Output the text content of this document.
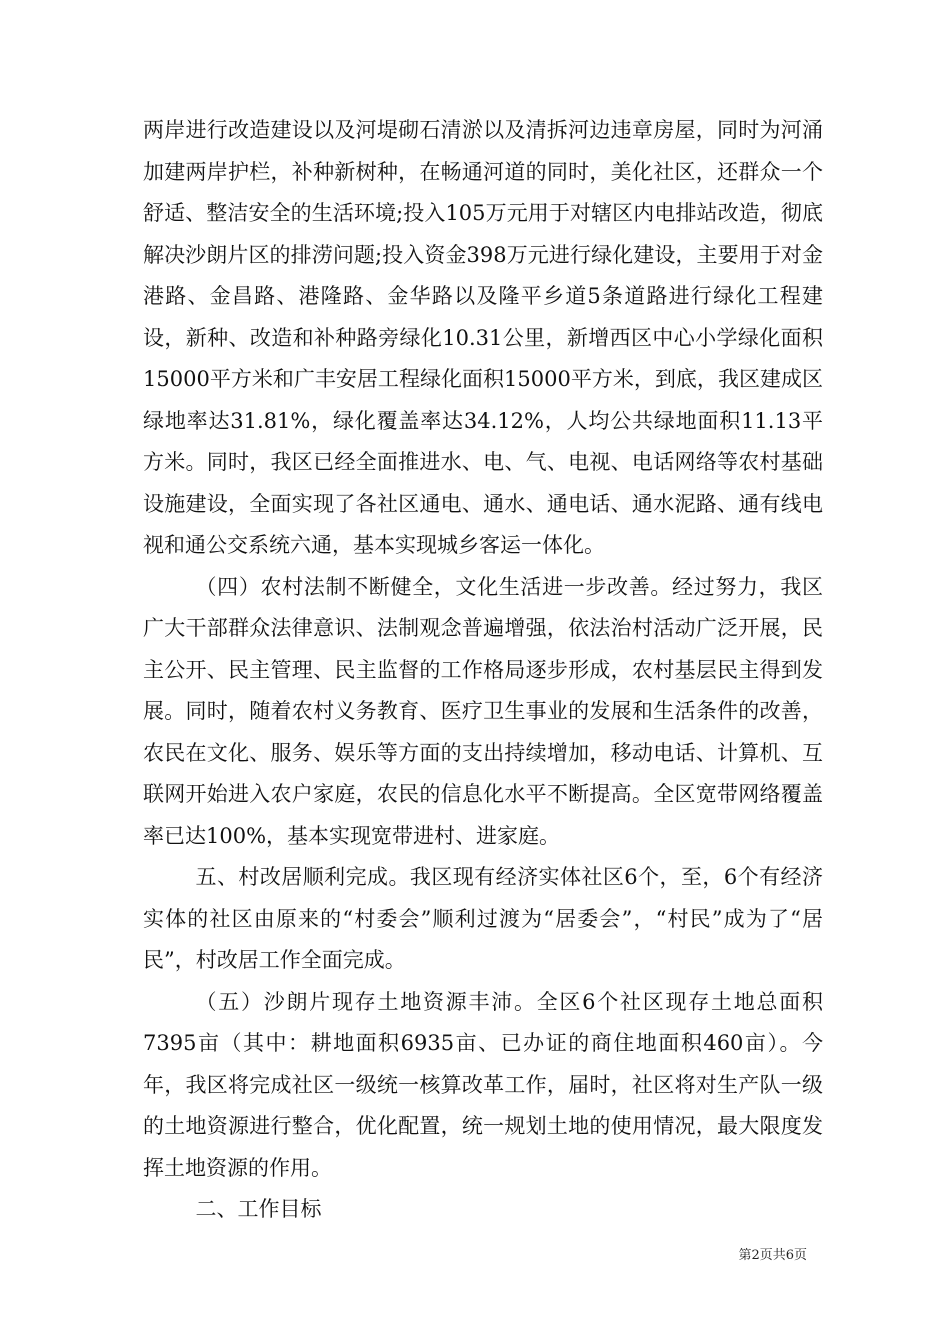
两岸进行改造建设以及河堤砌石清淤以及清拆河边违章房屋，同时为河涌加建两岸护栏，补种新树种，在畅通河道的同时，美化社区，还群众一个舒适、整洁安全的生活环境;投入105万元用于对辖区内电排站改造，彻底解决沙朗片区的排涝问题;投入资金398万元进行绿化建设，主要用于对金港路、金昌路、港隆路、金华路以及隆平乡道5条道路进行绿化工程建设，新种、改造和补种路旁绿化10.31公里，新增西区中心小学绿化面积15000平方米和广丰安居工程绿化面积15000平方米，到底，我区建成区绿地率达31.81%，绿化覆盖率达34.12%，人均公共绿地面积11.13平方米。同时，我区已经全面推进水、电、气、电视、电话网络等农村基础设施建设，全面实现了各社区通电、通水、通电话、通水泥路、通有线电视和通公交系统六通，基本实现城乡客运一体化。

（四）农村法制不断健全，文化生活进一步改善。经过努力，我区广大干部群众法律意识、法制观念普遍增强，依法治村活动广泛开展，民主公开、民主管理、民主监督的工作格局逐步形成，农村基层民主得到发展。同时，随着农村义务教育、医疗卫生事业的发展和生活条件的改善，农民在文化、服务、娱乐等方面的支出持续增加，移动电话、计算机、互联网开始进入农户家庭，农民的信息化水平不断提高。全区宽带网络覆盖率已达100%，基本实现宽带进村、进家庭。

五、村改居顺利完成。我区现有经济实体社区6个，至，6个有经济实体的社区由原来的“村委会”顺利过渡为“居委会”，“村民”成为了“居民”，村改居工作全面完成。

（五）沙朗片现存土地资源丰沛。全区6个社区现存土地总面积7395亩（其中：耕地面积6935亩、已办证的商住地面积460亩）。今年，我区将完成社区一级统一核算改革工作，届时，社区将对生产队一级的土地资源进行整合，优化配置，统一规划土地的使用情况，最大限度发挥土地资源的作用。

二、工作目标

第2页共6页
